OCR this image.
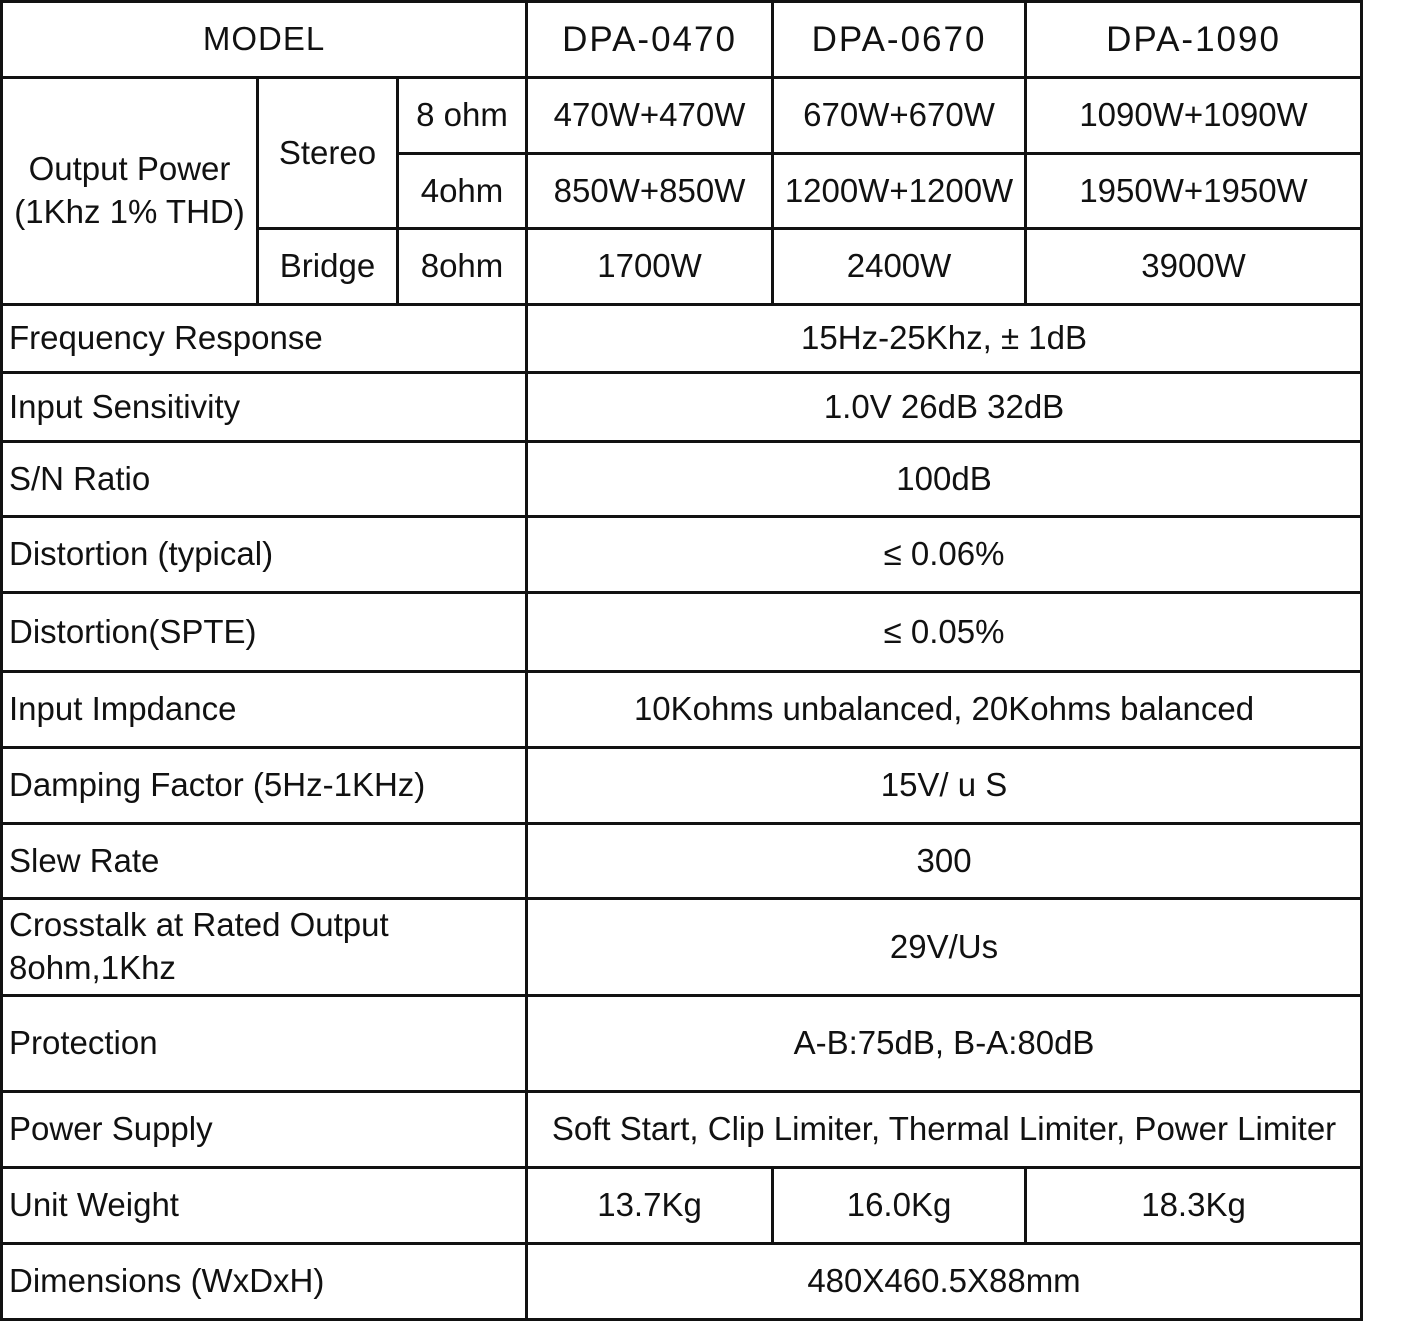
MODEL			DPA-0470	DPA-0670	DPA-1090

Output Power
(1Khz 1% THD)	Stereo	8 ohm	470W+470W	670W+670W	1090W+1090W
		4ohm	850W+850W	1200W+1200W	1950W+1950W
	Bridge	8ohm	1700W	2400W	3900W
Frequency Response			15Hz-25Khz, ± 1dB		
Input Sensitivity			1.0V 26dB 32dB		
S/N Ratio			100dB		
Distortion (typical)			≤ 0.06%		
Distortion(SPTE)			≤ 0.05%		
Input Impdance			10Kohms unbalanced, 20Kohms balanced		
Damping Factor (5Hz-1KHz)			15V/ u S		
Slew Rate			300		

Crosstalk at Rated Output
8ohm,1Khz			29V/Us		
Protection			A-B:75dB, B-A:80dB		
Power Supply			Soft Start, Clip Limiter, Thermal Limiter, Power Limiter		
Unit Weight			13.7Kg	16.0Kg	18.3Kg
Dimensions (WxDxH)			480X460.5X88mm		
